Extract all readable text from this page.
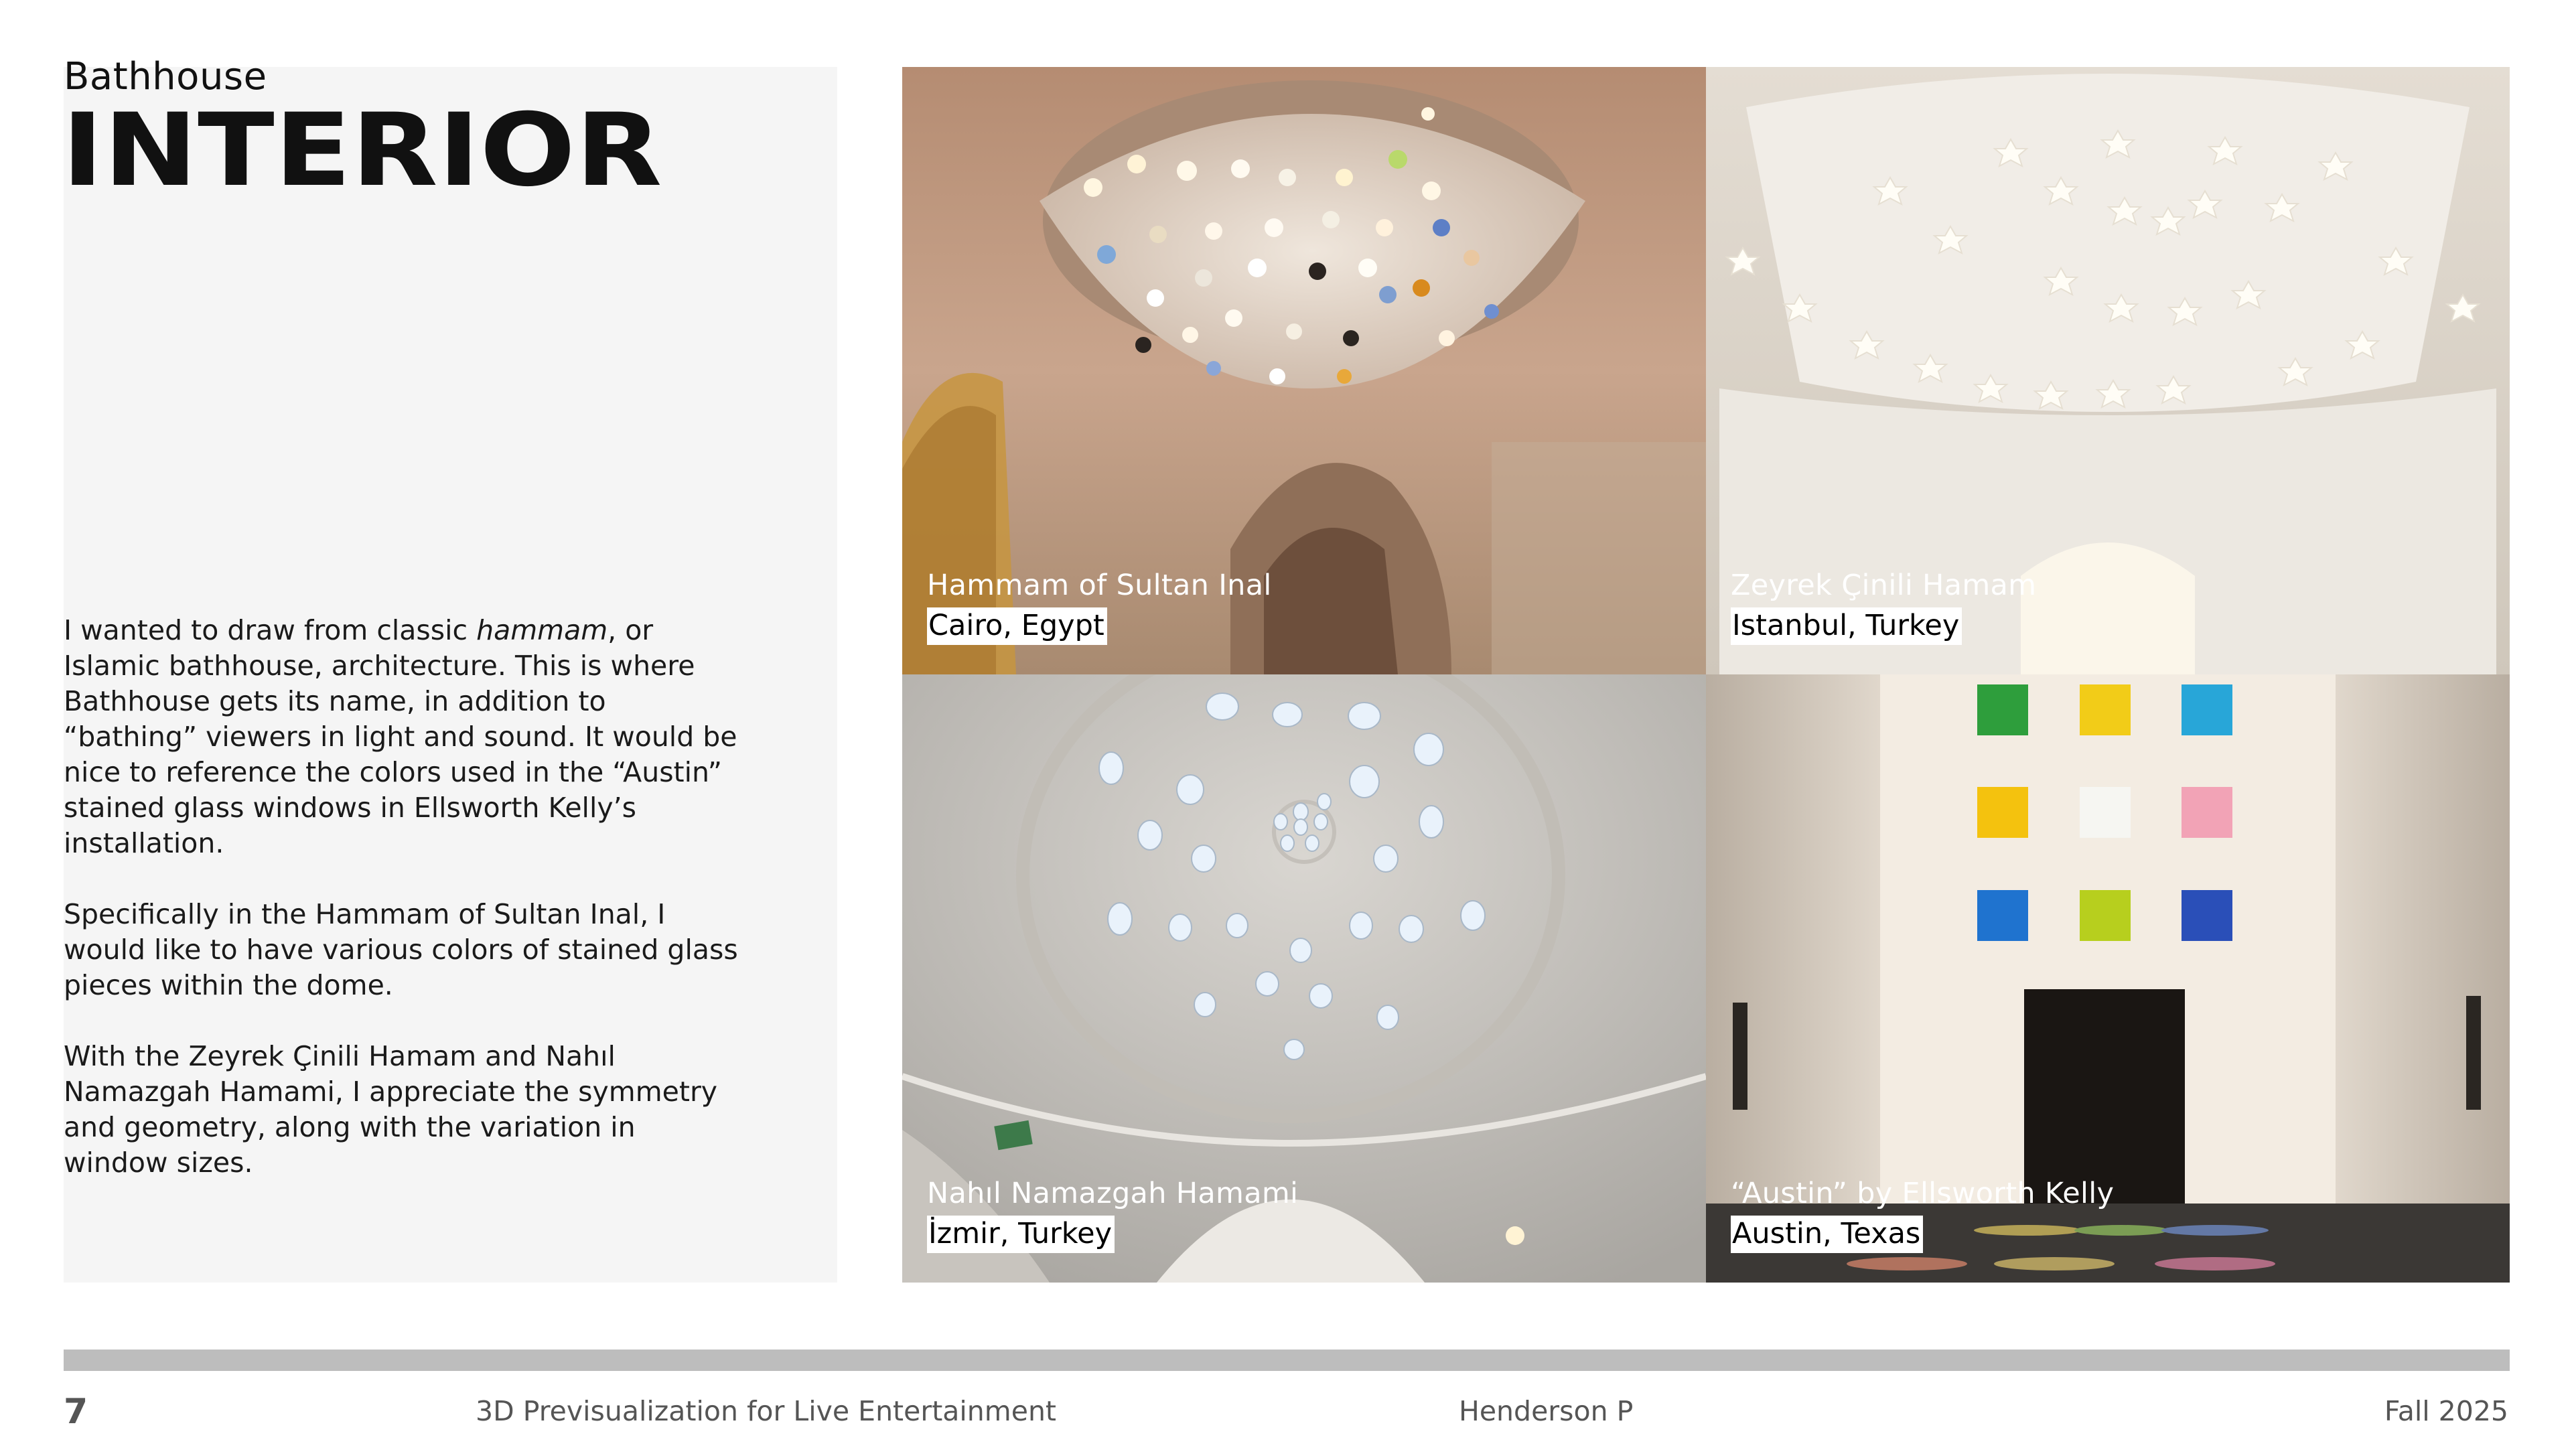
Bathhouse
INTERIOR

I wanted to draw from classic hammam, or Islamic bathhouse, architecture. This is where Bathhouse gets its name, in addition to “bathing” viewers in light and sound. It would be nice to reference the colors used in the “Austin” stained glass windows in Ellsworth Kelly’s installation.

Specifically in the Hammam of Sultan Inal, I would like to have various colors of stained glass pieces within the dome.

With the Zeyrek Çinili Hamam and Nahıl Namazgah Hamami, I appreciate the symmetry and geometry, along with the variation in window sizes.

Hammam of Sultan Inal
Cairo, Egypt
Zeyrek Çinili Hamam
Istanbul, Turkey
Nahıl Namazgah Hamami
İzmir, Turkey
“Austin” by Ellsworth Kelly
Austin, Texas
7	3D Previsualization for Live Entertainment	Henderson P	Fall 2025
